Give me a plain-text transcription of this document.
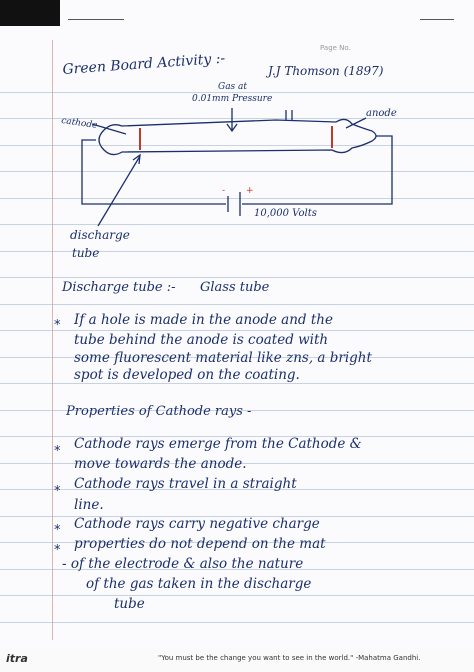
Page No.
Green Board Activity :-	J.J Thomson (1897)
Gas at
0.01mm Pressure
cathode
anode
+
-
10,000 Volts
discharge
tube
Discharge tube :- Glass tube
* If a hole is made in the anode and the
tube behind the anode is coated with
some fluorescent material like zns, a bright
spot is developed on the coating.
Properties of Cathode rays -
* Cathode rays emerge from the Cathode &
move towards the anode.
* Cathode rays travel in a straight
line.
* Cathode rays carry negative charge
* properties do not depend on the mat
- of the electrode & also the nature
of the gas taken in the discharge
tube
itra	"You must be the change you want to see in the world." -Mahatma Gandhi.
